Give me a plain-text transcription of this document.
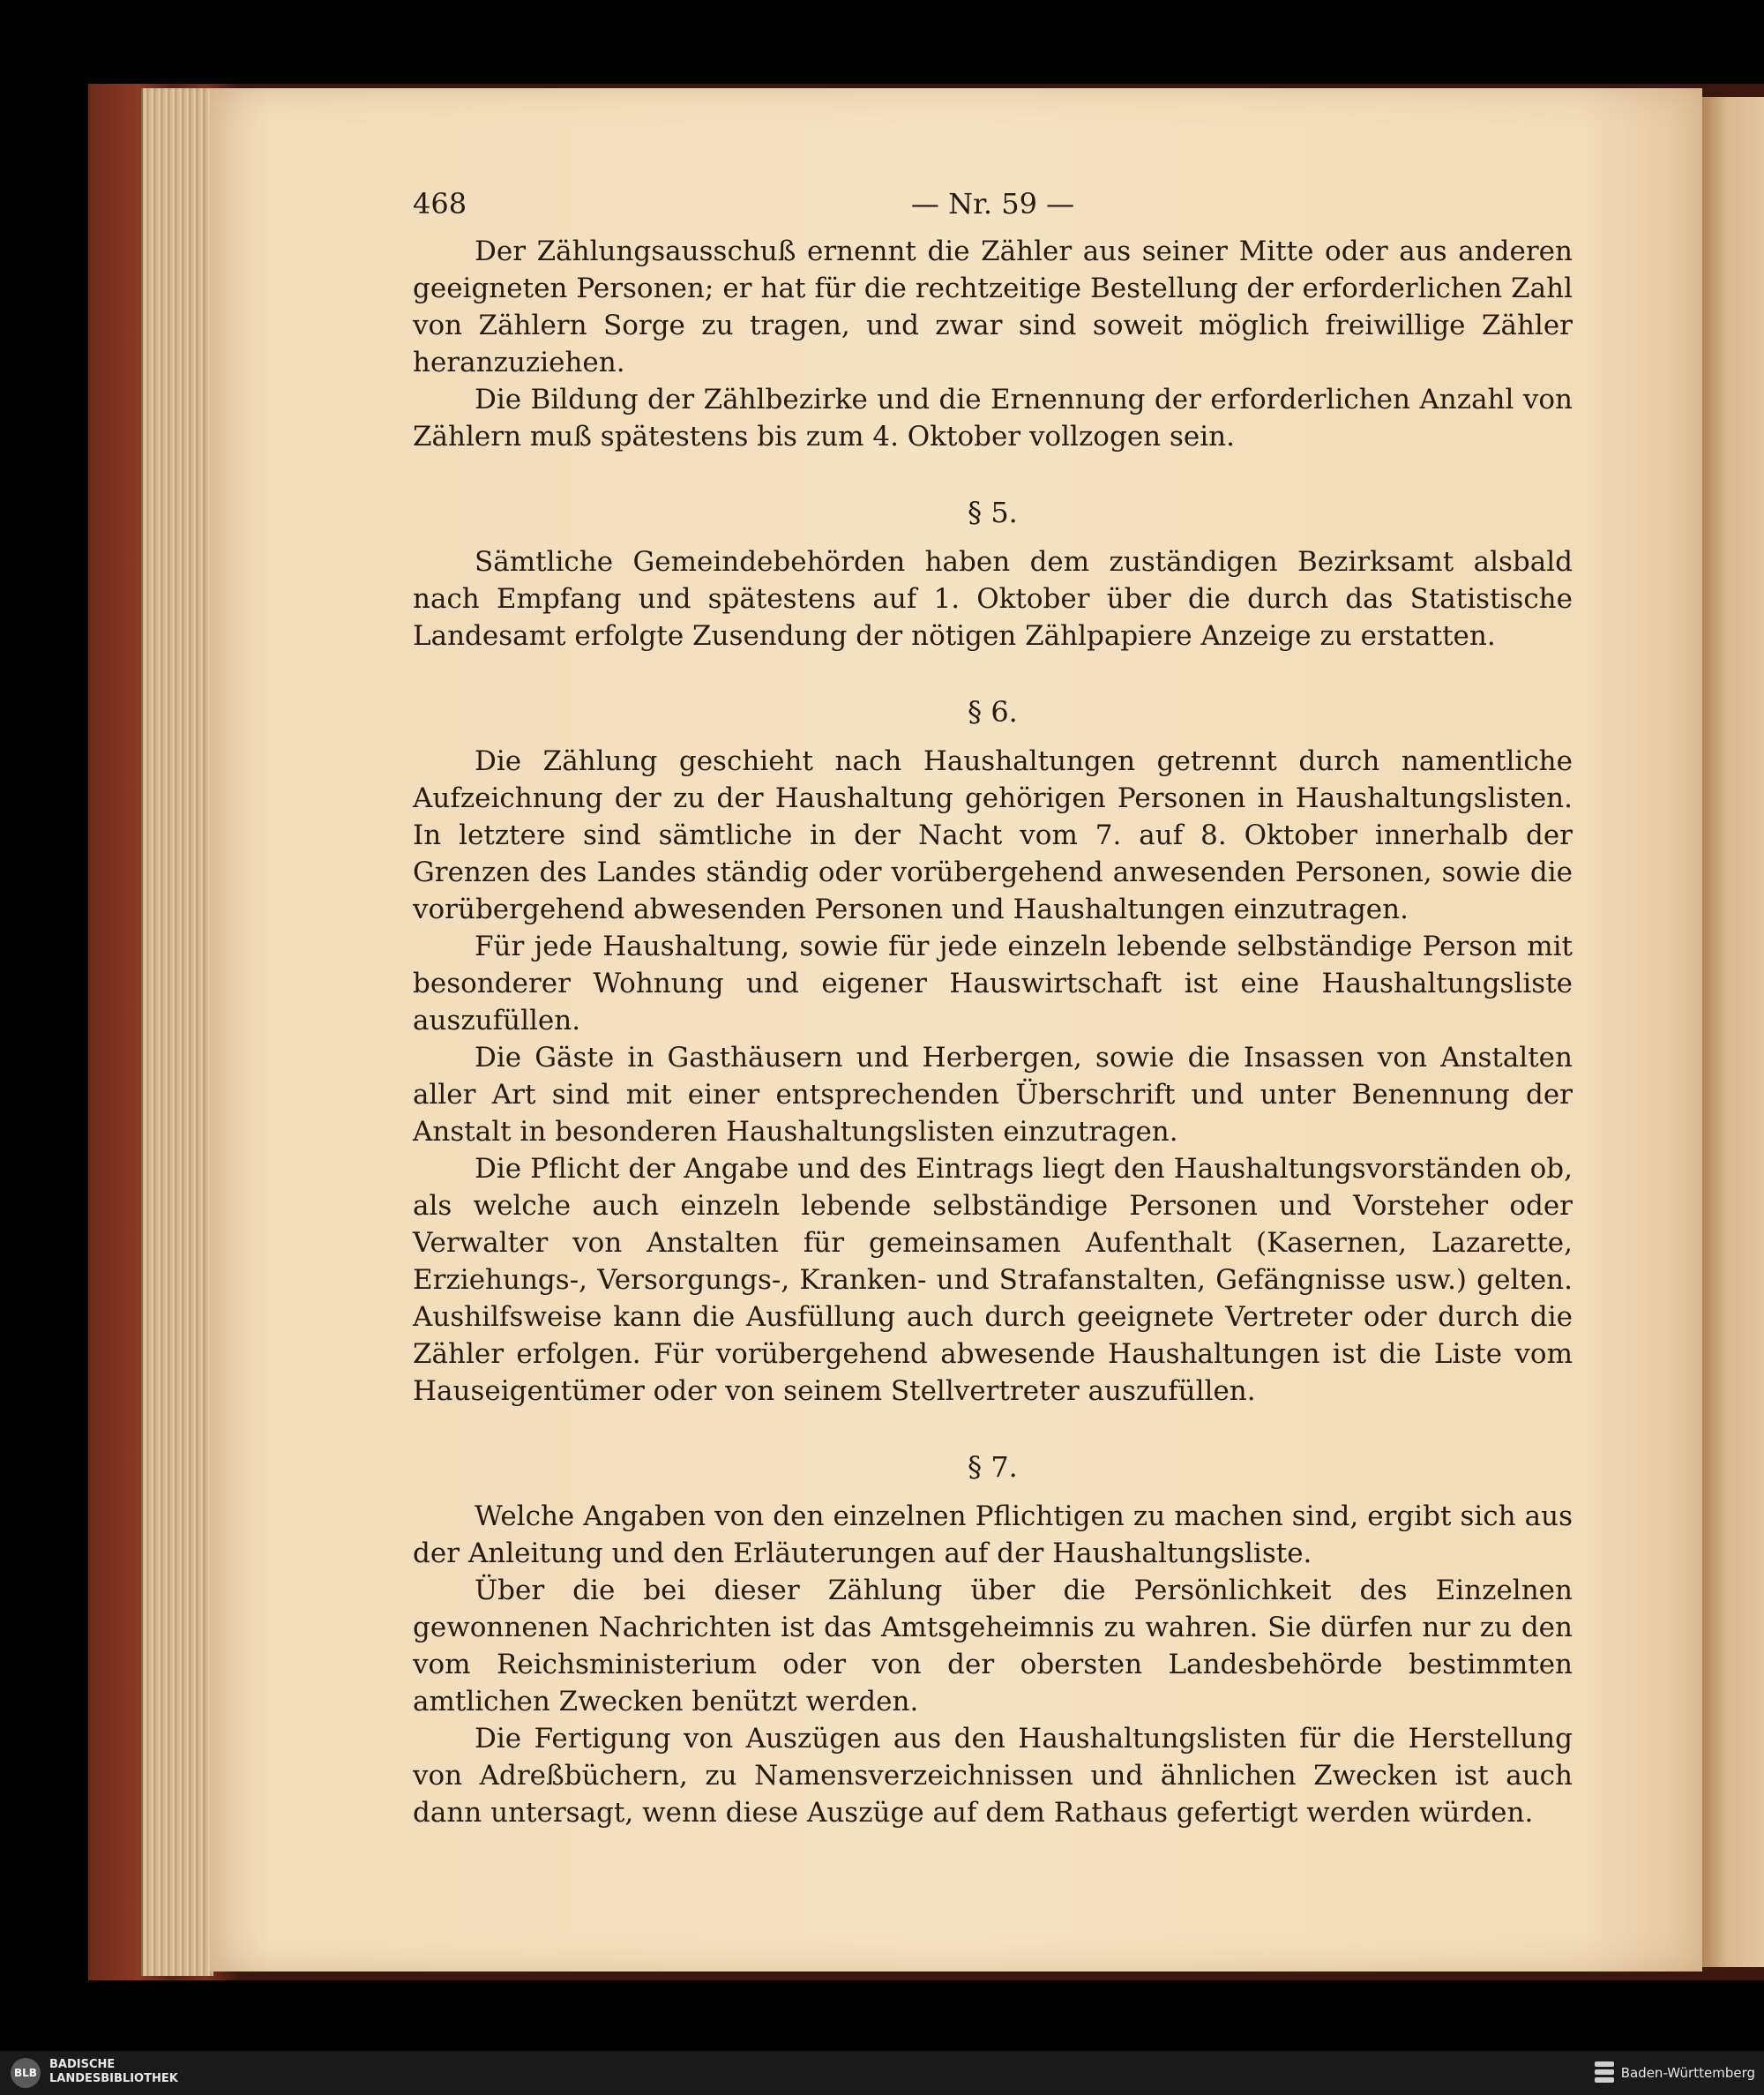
468	— Nr. 59 —

Der Zählungsausschuß ernennt die Zähler aus seiner Mitte oder aus anderen geeigneten Personen; er hat für die rechtzeitige Bestellung der erforderlichen Zahl von Zählern Sorge zu tragen, und zwar sind soweit möglich freiwillige Zähler heranzuziehen.

Die Bildung der Zählbezirke und die Ernennung der erforderlichen Anzahl von Zählern muß spätestens bis zum 4. Oktober vollzogen sein.

§ 5.

Sämtliche Gemeindebehörden haben dem zuständigen Bezirksamt alsbald nach Empfang und spätestens auf 1. Oktober über die durch das Statistische Landesamt erfolgte Zusendung der nötigen Zählpapiere Anzeige zu erstatten.

§ 6.

Die Zählung geschieht nach Haushaltungen getrennt durch namentliche Aufzeichnung der zu der Haushaltung gehörigen Personen in Haushaltungslisten. In letztere sind sämtliche in der Nacht vom 7. auf 8. Oktober innerhalb der Grenzen des Landes ständig oder vorübergehend anwesenden Personen, sowie die vorübergehend abwesenden Personen und Haushaltungen einzutragen.

Für jede Haushaltung, sowie für jede einzeln lebende selbständige Person mit besonderer Wohnung und eigener Hauswirtschaft ist eine Haushaltungsliste auszufüllen.

Die Gäste in Gasthäusern und Herbergen, sowie die Insassen von Anstalten aller Art sind mit einer entsprechenden Überschrift und unter Benennung der Anstalt in besonderen Haushaltungslisten einzutragen.

Die Pflicht der Angabe und des Eintrags liegt den Haushaltungsvorständen ob, als welche auch einzeln lebende selbständige Personen und Vorsteher oder Verwalter von Anstalten für gemeinsamen Aufenthalt (Kasernen, Lazarette, Erziehungs-, Versorgungs-, Kranken- und Strafanstalten, Gefängnisse usw.) gelten. Aushilfsweise kann die Ausfüllung auch durch geeignete Vertreter oder durch die Zähler erfolgen. Für vorübergehend abwesende Haushaltungen ist die Liste vom Hauseigentümer oder von seinem Stellvertreter auszufüllen.

§ 7.

Welche Angaben von den einzelnen Pflichtigen zu machen sind, ergibt sich aus der Anleitung und den Erläuterungen auf der Haushaltungsliste.

Über die bei dieser Zählung über die Persönlichkeit des Einzelnen gewonnenen Nachrichten ist das Amtsgeheimnis zu wahren. Sie dürfen nur zu den vom Reichsministerium oder von der obersten Landesbehörde bestimmten amtlichen Zwecken benützt werden.

Die Fertigung von Auszügen aus den Haushaltungslisten für die Herstellung von Adreßbüchern, zu Namensverzeichnissen und ähnlichen Zwecken ist auch dann untersagt, wenn diese Auszüge auf dem Rathaus gefertigt werden würden.

BLB
BADISCHE
LANDESBIBLIOTHEK	Baden-Württemberg
